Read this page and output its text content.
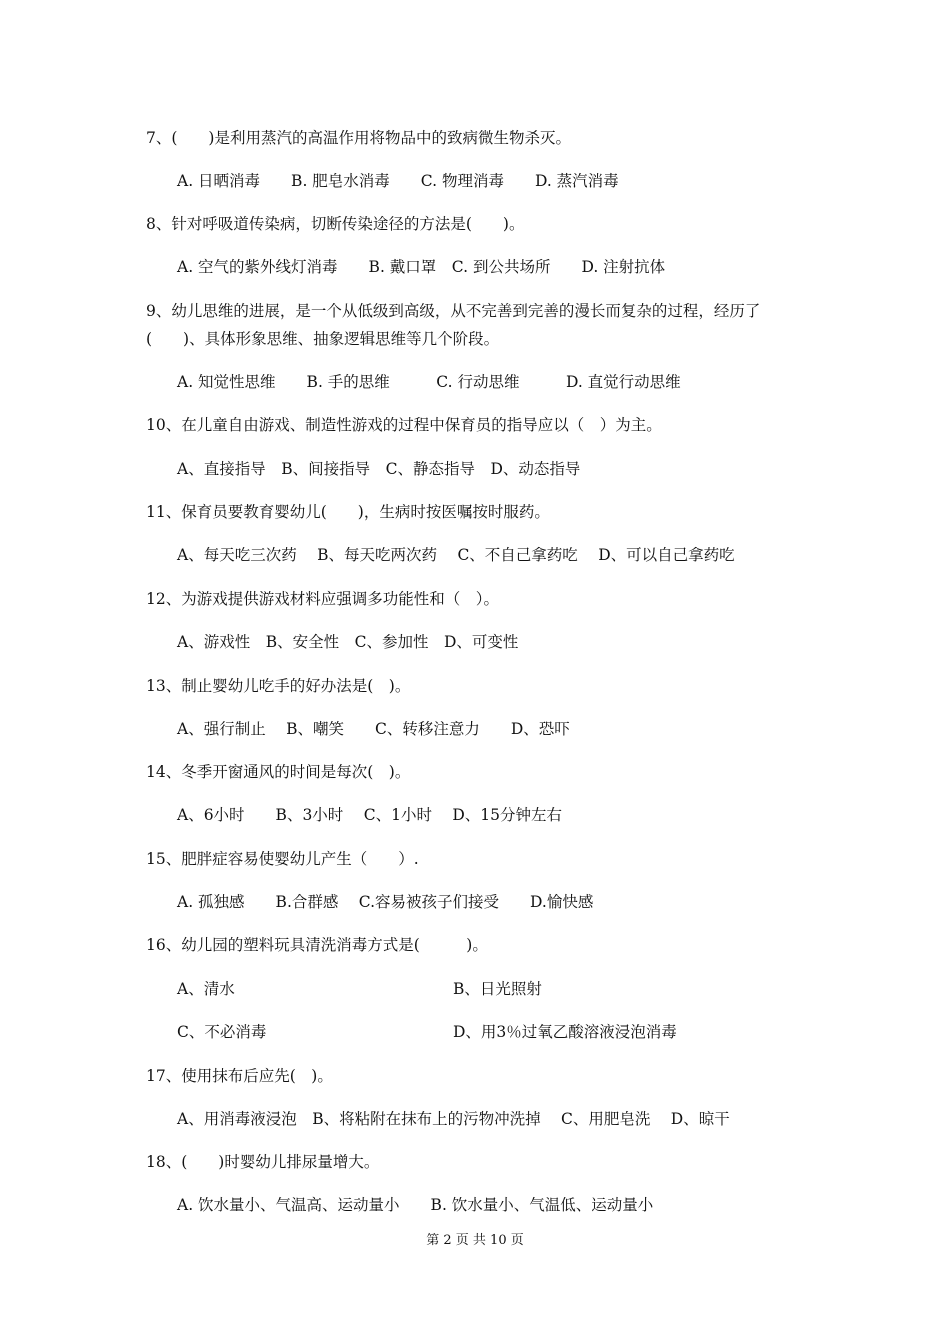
7、(　　)是利用蒸汽的高温作用将物品中的致病微生物杀灭。
A. 日晒消毒　　B. 肥皂水消毒　　C. 物理消毒　　D. 蒸汽消毒
8、针对呼吸道传染病，切断传染途径的方法是(　　)。
A. 空气的紫外线灯消毒　　B. 戴口罩　C. 到公共场所　　D. 注射抗体
9、幼儿思维的进展，是一个从低级到高级，从不完善到完善的漫长而复杂的过程，经历了
(　　)、具体形象思维、抽象逻辑思维等几个阶段。
A. 知觉性思维　　B. 手的思维　　　C. 行动思维　　　D. 直觉行动思维
10、在儿童自由游戏、制造性游戏的过程中保育员的指导应以（　）为主。
A、直接指导　B、间接指导　C、静态指导　D、动态指导
11、保育员要教育婴幼儿(　　)，生病时按医嘱按时服药。
A、每天吃三次药　 B、每天吃两次药　 C、不自己拿药吃　 D、可以自己拿药吃
12、为游戏提供游戏材料应强调多功能性和（　）。
A、游戏性　B、安全性　C、参加性　D、可变性
13、制止婴幼儿吃手的好办法是(　)。
A、强行制止　 B、嘲笑　　C、转移注意力　　D、恐吓
14、冬季开窗通风的时间是每次(　)。
A、6小时　　B、3小时　 C、1小时　 D、15分钟左右
15、肥胖症容易使婴幼儿产生（　　）.
A. 孤独感　　B.合群感　 C.容易被孩子们接受　　D.愉快感
16、幼儿园的塑料玩具清洗消毒方式是(　　　)。
A、清水	B、日光照射
C、不必消毒	D、用3％过氧乙酸溶液浸泡消毒
17、使用抹布后应先(　)。
A、用消毒液浸泡　B、将粘附在抹布上的污物冲洗掉　 C、用肥皂洗　 D、晾干
18、(　　)时婴幼儿排尿量增大。
A. 饮水量小、气温高、运动量小　　B. 饮水量小、气温低、运动量小
第 2 页 共 10 页
